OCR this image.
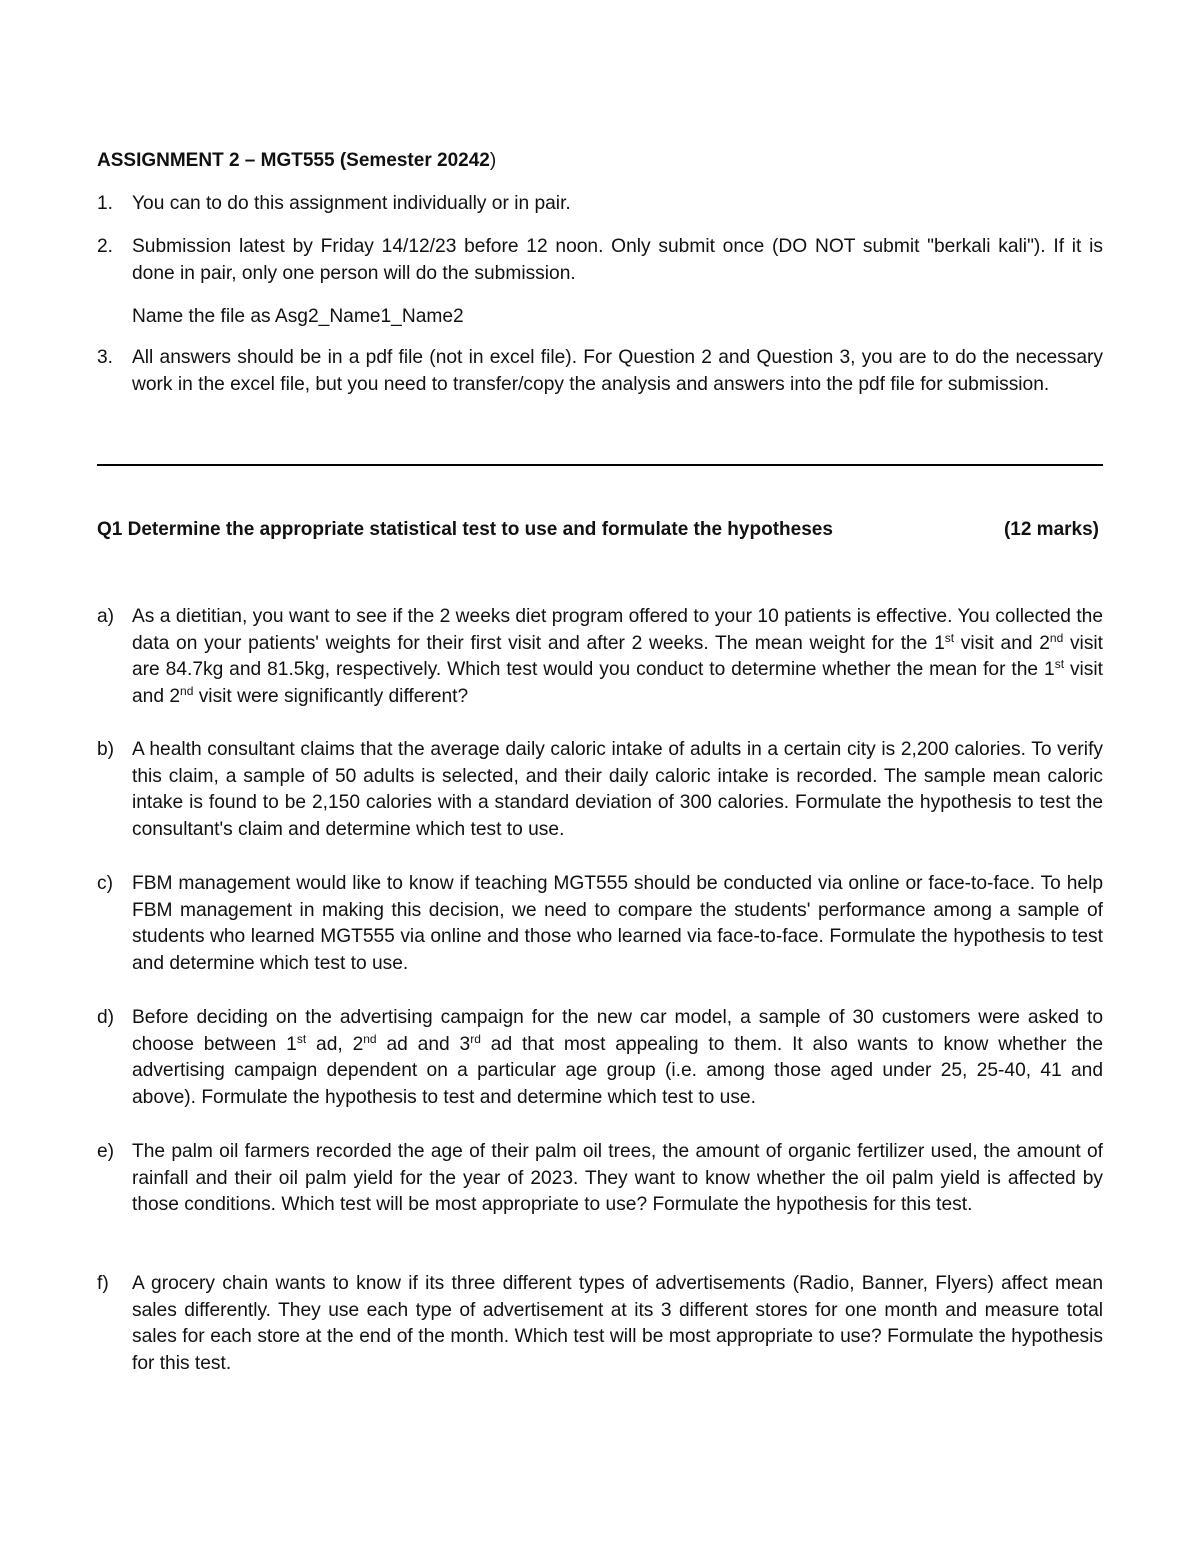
ASSIGNMENT 2 – MGT555 (Semester 20242)
1. You can to do this assignment individually or in pair.
2. Submission latest by Friday 14/12/23 before 12 noon. Only submit once (DO NOT submit "berkali kali"). If it is done in pair, only one person will do the submission.
Name the file as Asg2_Name1_Name2
3. All answers should be in a pdf file (not in excel file). For Question 2 and Question 3, you are to do the necessary work in the excel file, but you need to transfer/copy the analysis and answers into the pdf file for submission.
Q1 Determine the appropriate statistical test to use and formulate the hypotheses	(12 marks)
a) As a dietitian, you want to see if the 2 weeks diet program offered to your 10 patients is effective. You collected the data on your patients' weights for their first visit and after 2 weeks. The mean weight for the 1st visit and 2nd visit are 84.7kg and 81.5kg, respectively. Which test would you conduct to determine whether the mean for the 1st visit and 2nd visit were significantly different?
b) A health consultant claims that the average daily caloric intake of adults in a certain city is 2,200 calories. To verify this claim, a sample of 50 adults is selected, and their daily caloric intake is recorded. The sample mean caloric intake is found to be 2,150 calories with a standard deviation of 300 calories. Formulate the hypothesis to test the consultant's claim and determine which test to use.
c) FBM management would like to know if teaching MGT555 should be conducted via online or face-to-face. To help FBM management in making this decision, we need to compare the students' performance among a sample of students who learned MGT555 via online and those who learned via face-to-face. Formulate the hypothesis to test and determine which test to use.
d) Before deciding on the advertising campaign for the new car model, a sample of 30 customers were asked to choose between 1st ad, 2nd ad and 3rd ad that most appealing to them. It also wants to know whether the advertising campaign dependent on a particular age group (i.e. among those aged under 25, 25-40, 41 and above). Formulate the hypothesis to test and determine which test to use.
e) The palm oil farmers recorded the age of their palm oil trees, the amount of organic fertilizer used, the amount of rainfall and their oil palm yield for the year of 2023. They want to know whether the oil palm yield is affected by those conditions. Which test will be most appropriate to use? Formulate the hypothesis for this test.
f)	A grocery chain wants to know if its three different types of advertisements (Radio, Banner, Flyers) affect mean sales differently. They use each type of advertisement at its 3 different stores for one month and measure total sales for each store at the end of the month. Which test will be most appropriate to use? Formulate the hypothesis for this test.
